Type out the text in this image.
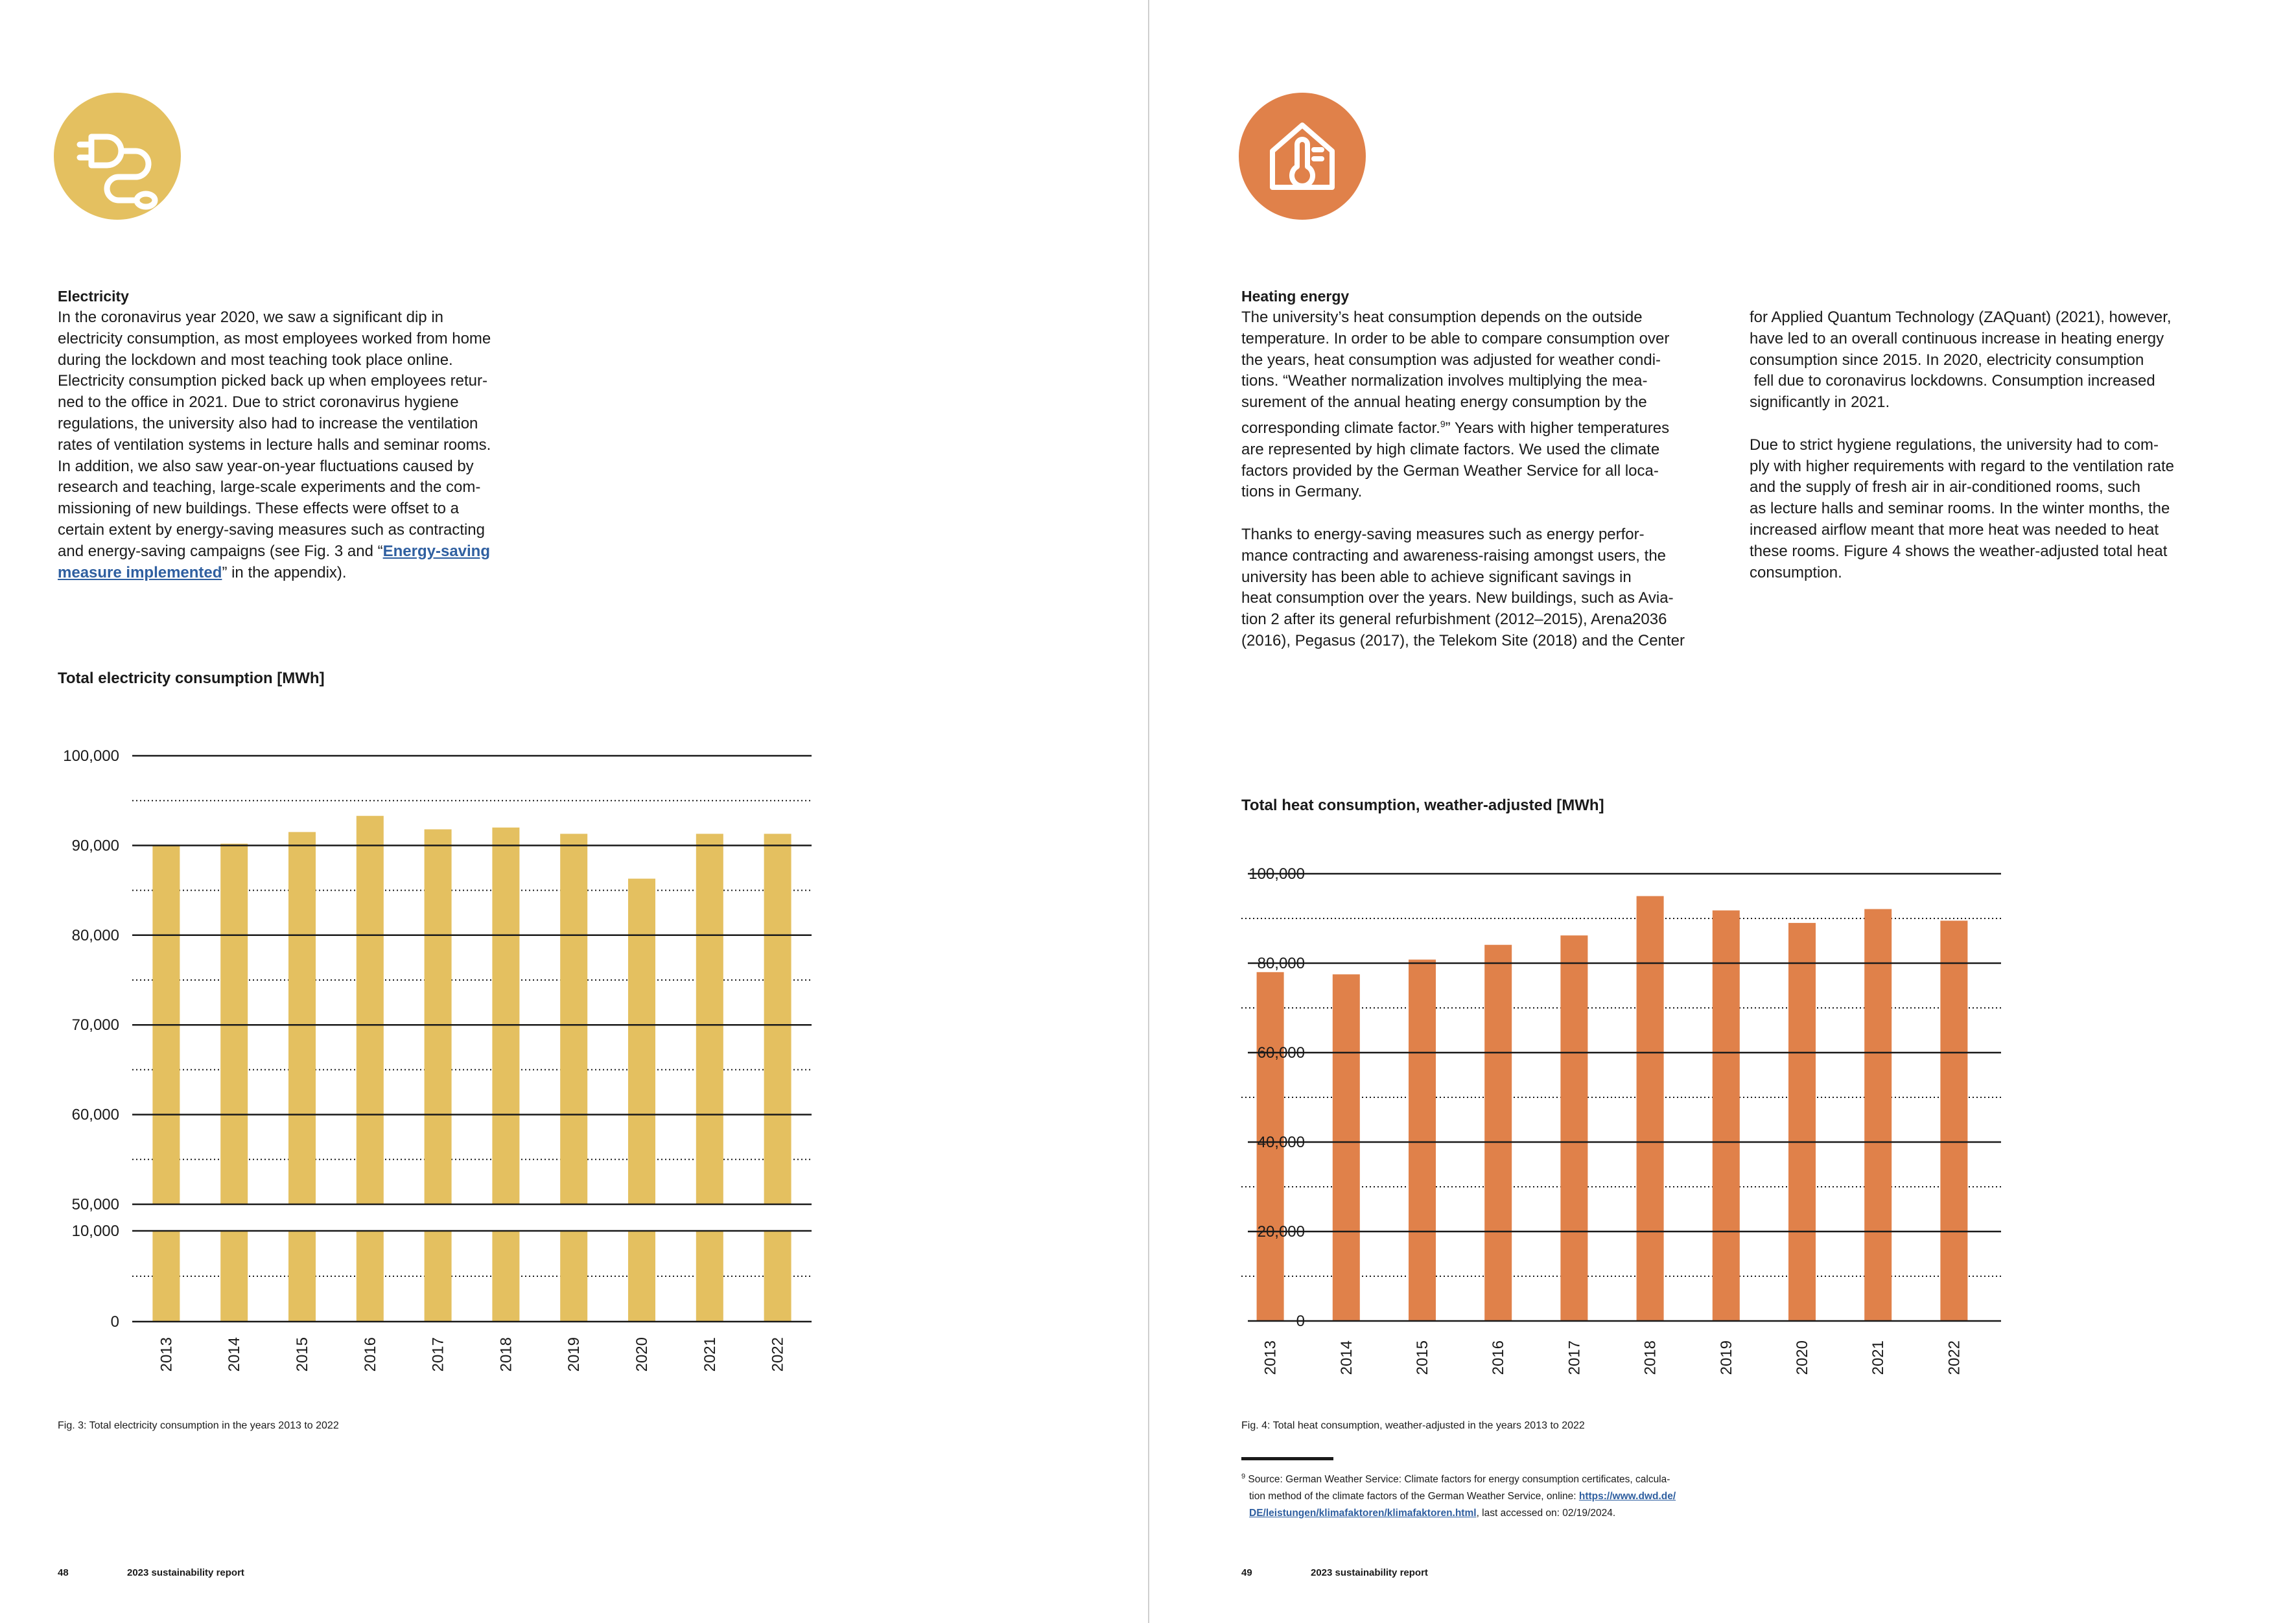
Electricity
In the coronavirus year 2020, we saw a significant dip in
electricity consumption, as most employees worked from home
during the lockdown and most teaching took place online.
Electricity consumption picked back up when employees retur-
ned to the office in 2021. Due to strict coronavirus hygiene
regulations, the university also had to increase the ventilation
rates of ventilation systems in lecture halls and seminar rooms.
In addition, we also saw year-on-year fluctuations caused by
research and teaching, large-scale experiments and the com-
missioning of new buildings. These effects were offset to a
certain extent by energy-saving measures such as contracting
and energy-saving campaigns (see Fig. 3 and “Energy-saving
measure implemented” in the appendix).
Total electricity consumption [MWh]
2013	2014	2015	2016	2017	2018	2019	2020	2021	2022
100,000
90,000
80,000
70,000
60,000
50,000
10,000
0
Fig. 3: Total electricity consumption in the years 2013 to 2022
48	2023 sustainability report
Heating energy
The university’s heat consumption depends on the outside
temperature. In order to be able to compare consumption over
the years, heat consumption was adjusted for weather condi-
tions. “Weather normalization involves multiplying the mea-
surement of the annual heating energy consumption by the
corresponding climate factor.$^9$” Years with higher temperatures
are represented by high climate factors. We used the climate
factors provided by the German Weather Service for all loca-
tions in Germany.

Thanks to energy-saving measures such as energy perfor-
mance contracting and awareness-raising amongst users, the
university has been able to achieve significant savings in
heat consumption over the years. New buildings, such as Avia-
tion 2 after its general refurbishment (2012–2015), Arena2036
(2016), Pegasus (2017), the Telekom Site (2018) and the Center
for Applied Quantum Technology (ZAQuant) (2021), however,
have led to an overall continuous increase in heating energy
consumption since 2015. In 2020, electricity consumption
fell due to coronavirus lockdowns. Consumption increased
significantly in 2021.

Due to strict hygiene regulations, the university had to com-
ply with higher requirements with regard to the ventilation rate
and the supply of fresh air in air-conditioned rooms, such
as lecture halls and seminar rooms. In the winter months, the
increased airflow meant that more heat was needed to heat
these rooms. Figure 4 shows the weather-adjusted total heat
consumption.
Total heat consumption, weather-adjusted [MWh]
2013	2014	2015	2016	2017	2018	2019	2020	2021	2022
100,000
80,000
60,000
40,000
20,000
0
Fig. 4: Total heat consumption, weather-adjusted in the years 2013 to 2022
$^9$ Source: German Weather Service: Climate factors for energy consumption certificates, calcula-
tion method of the climate factors of the German Weather Service, online: https://www.dwd.de/
DE/leistungen/klimafaktoren/klimafaktoren.html, last accessed on: 02/19/2024.
49	2023 sustainability report
